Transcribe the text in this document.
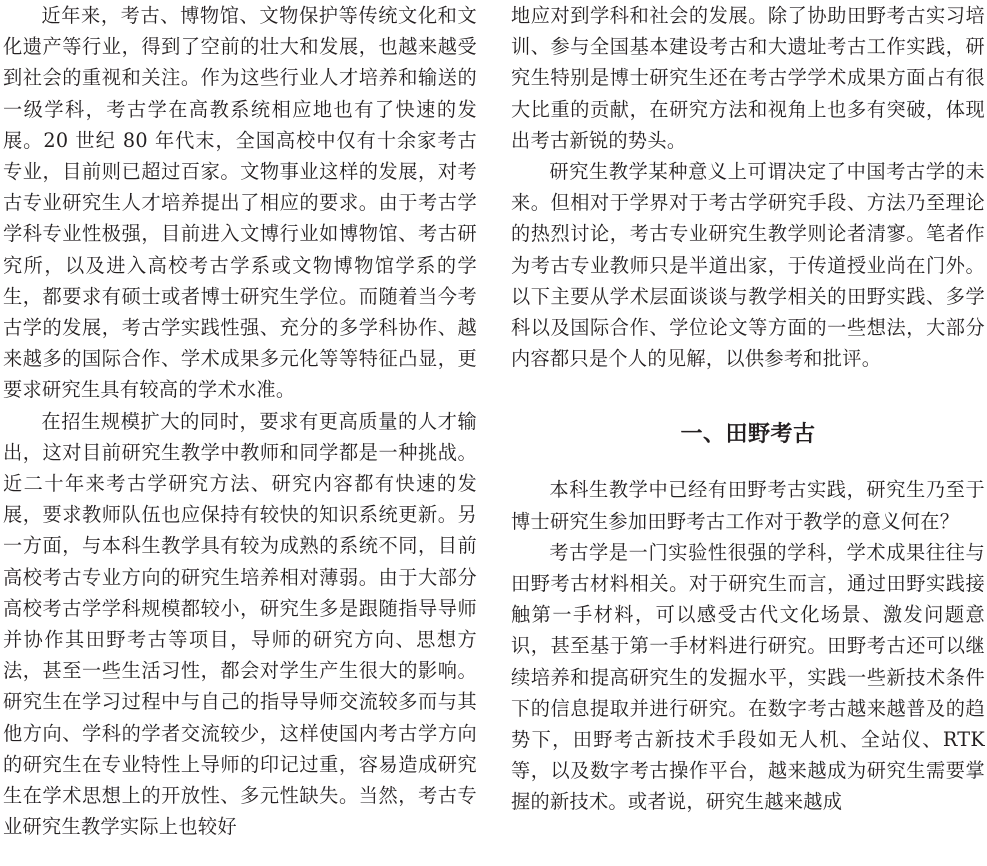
近年来，考古、博物馆、文物保护等传统文化和文化遗产等行业，得到了空前的壮大和发展，也越来越受到社会的重视和关注。作为这些行业人才培养和输送的一级学科，考古学在高教系统相应地也有了快速的发展。20 世纪 80 年代末，全国高校中仅有十余家考古专业，目前则已超过百家。文物事业这样的发展，对考古专业研究生人才培养提出了相应的要求。由于考古学学科专业性极强，目前进入文博行业如博物馆、考古研究所，以及进入高校考古学系或文物博物馆学系的学生，都要求有硕士或者博士研究生学位。而随着当今考古学的发展，考古学实践性强、充分的多学科协作、越来越多的国际合作、学术成果多元化等等特征凸显，更要求研究生具有较高的学术水准。

在招生规模扩大的同时，要求有更高质量的人才输出，这对目前研究生教学中教师和同学都是一种挑战。近二十年来考古学研究方法、研究内容都有快速的发展，要求教师队伍也应保持有较快的知识系统更新。另一方面，与本科生教学具有较为成熟的系统不同，目前高校考古专业方向的研究生培养相对薄弱。由于大部分高校考古学学科规模都较小，研究生多是跟随指导导师并协作其田野考古等项目，导师的研究方向、思想方法，甚至一些生活习性，都会对学生产生很大的影响。研究生在学习过程中与自己的指导导师交流较多而与其他方向、学科的学者交流较少，这样使国内考古学方向的研究生在专业特性上导师的印记过重，容易造成研究生在学术思想上的开放性、多元性缺失。当然，考古专业研究生教学实际上也较好

地应对到学科和社会的发展。除了协助田野考古实习培训、参与全国基本建设考古和大遗址考古工作实践，研究生特别是博士研究生还在考古学学术成果方面占有很大比重的贡献，在研究方法和视角上也多有突破，体现出考古新锐的势头。

研究生教学某种意义上可谓决定了中国考古学的未来。但相对于学界对于考古学研究手段、方法乃至理论的热烈讨论，考古专业研究生教学则论者清寥。笔者作为考古专业教师只是半道出家，于传道授业尚在门外。以下主要从学术层面谈谈与教学相关的田野实践、多学科以及国际合作、学位论文等方面的一些想法，大部分内容都只是个人的见解，以供参考和批评。

一、田野考古

本科生教学中已经有田野考古实践，研究生乃至于博士研究生参加田野考古工作对于教学的意义何在？

考古学是一门实验性很强的学科，学术成果往往与田野考古材料相关。对于研究生而言，通过田野实践接触第一手材料，可以感受古代文化场景、激发问题意识，甚至基于第一手材料进行研究。田野考古还可以继续培养和提高研究生的发掘水平，实践一些新技术条件下的信息提取并进行研究。在数字考古越来越普及的趋势下，田野考古新技术手段如无人机、全站仪、RTK 等，以及数字考古操作平台，越来越成为研究生需要掌握的新技术。或者说，研究生越来越成
